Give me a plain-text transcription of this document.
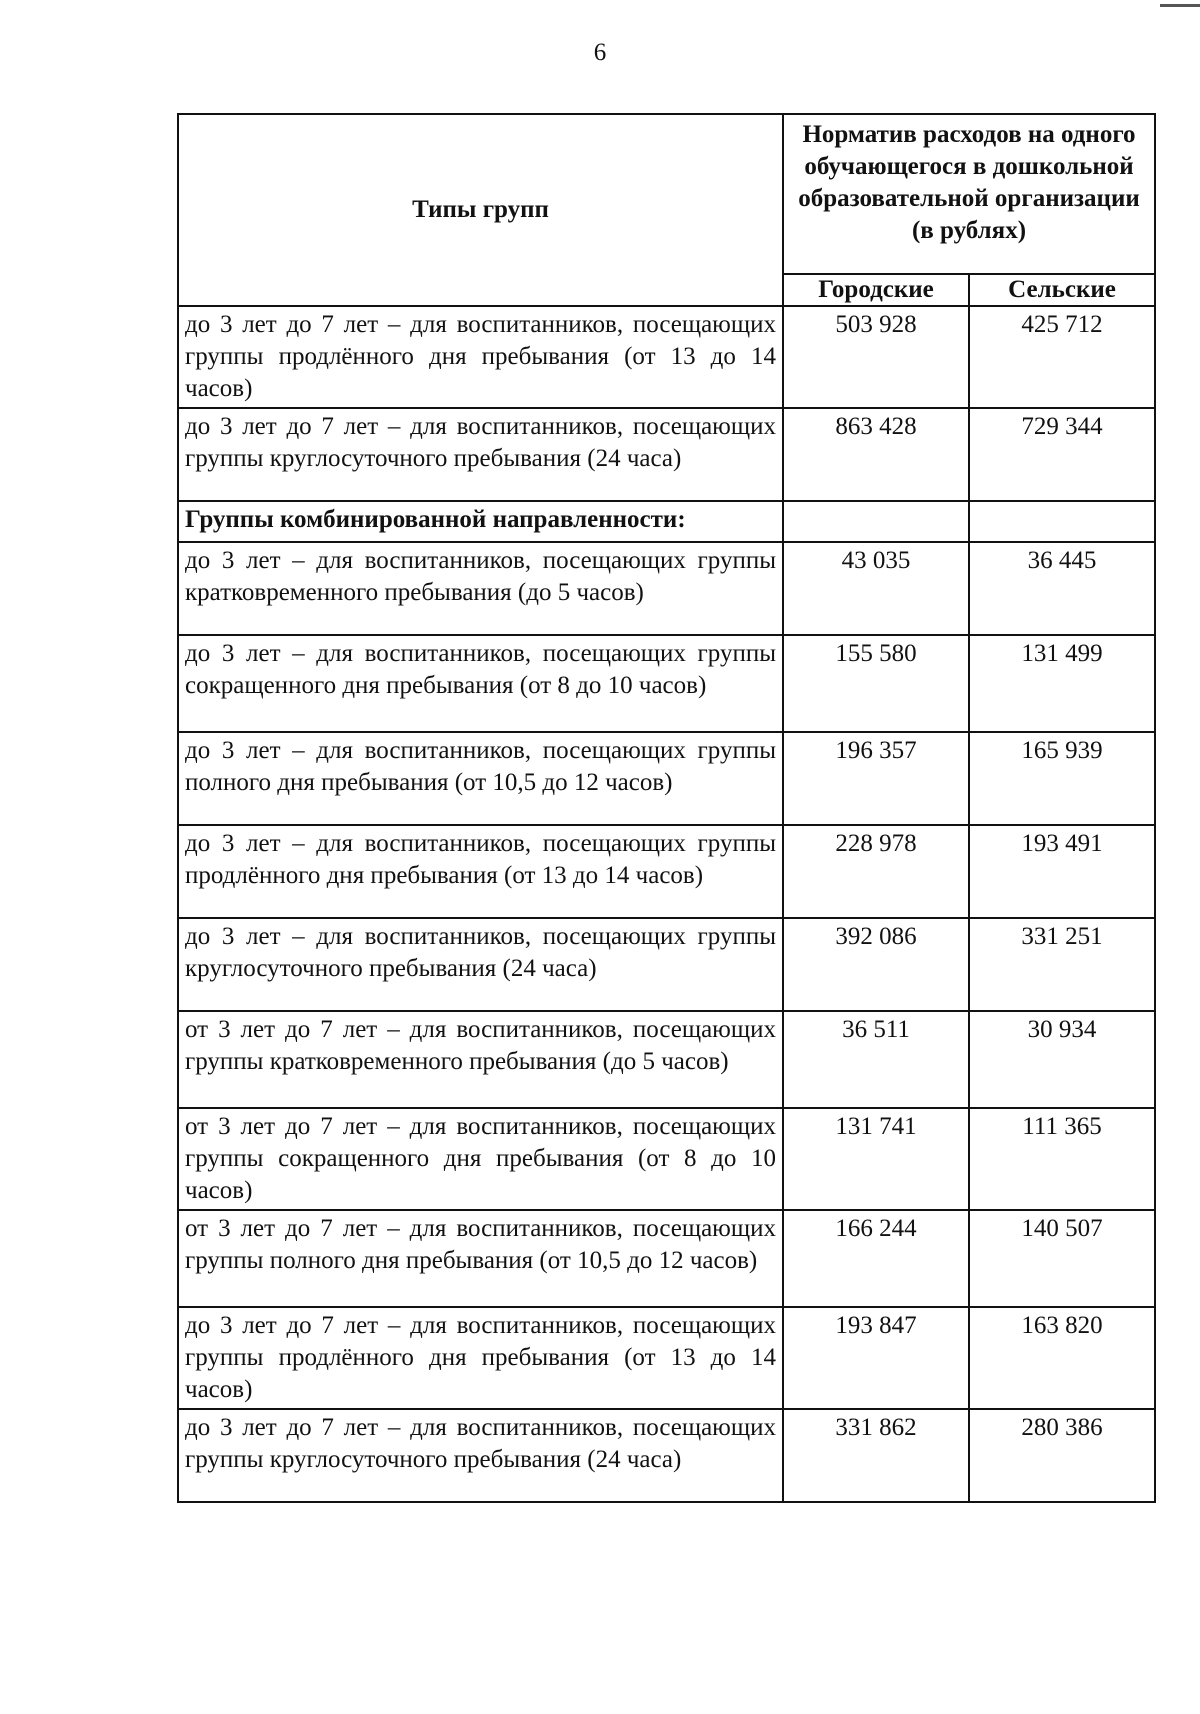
6
Типы групп	Норматив расходов на одного обучающегося в дошкольной образовательной организации (в рублях)	
	Городские	Сельские
до 3 лет до 7 лет – для воспитанников, посещающих группы продлённого дня пребывания (от 13 до 14 часов)	503 928	425 712
до 3 лет до 7 лет – для воспитанников, посещающих группы круглосуточного пребывания (24 часа)	863 428	729 344
Группы комбинированной направленности:		
до 3 лет – для воспитанников, посещающих группы кратковременного пребывания (до 5 часов)	43 035	36 445
до 3 лет – для воспитанников, посещающих группы сокращенного дня пребывания (от 8 до 10 часов)	155 580	131 499
до 3 лет – для воспитанников, посещающих группы полного дня пребывания (от 10,5 до 12 часов)	196 357	165 939
до 3 лет – для воспитанников, посещающих группы продлённого дня пребывания (от 13 до 14 часов)	228 978	193 491
до 3 лет – для воспитанников, посещающих группы круглосуточного пребывания (24 часа)	392 086	331 251
от 3 лет до 7 лет – для воспитанников, посещающих группы кратковременного пребывания (до 5 часов)	36 511	30 934
от 3 лет до 7 лет – для воспитанников, посещающих группы сокращенного дня пребывания (от 8 до 10 часов)	131 741	111 365
от 3 лет до 7 лет – для воспитанников, посещающих группы полного дня пребывания (от 10,5 до 12 часов)	166 244	140 507
до 3 лет до 7 лет – для воспитанников, посещающих группы продлённого дня пребывания (от 13 до 14 часов)	193 847	163 820
до 3 лет до 7 лет – для воспитанников, посещающих группы круглосуточного пребывания (24 часа)	331 862	280 386
